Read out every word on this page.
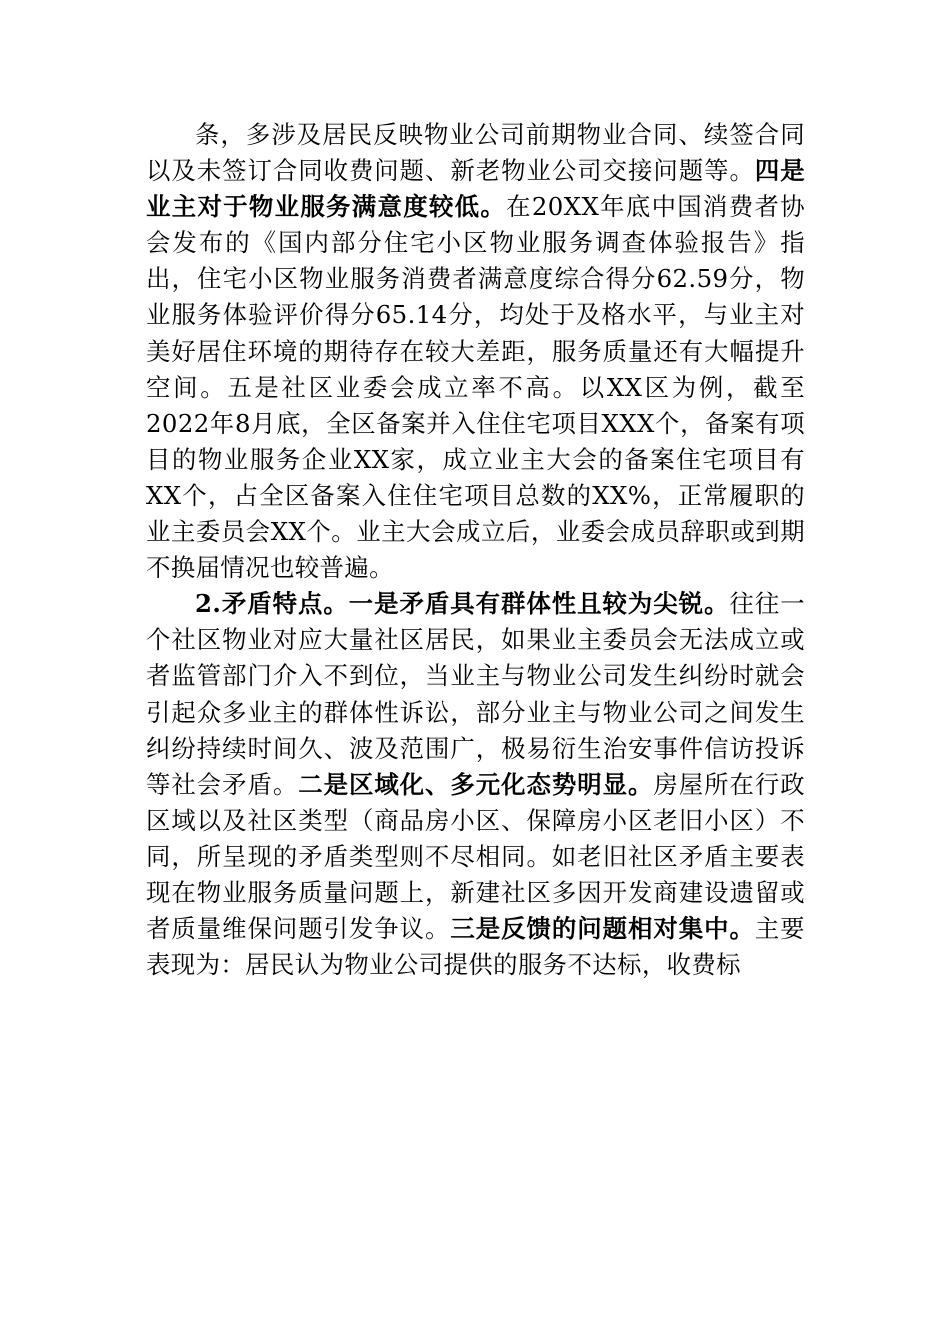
条，多涉及居民反映物业公司前期物业合同、续签合同以及未签订合同收费问题、新老物业公司交接问题等。四是业主对于物业服务满意度较低。在20XX年底中国消费者协会发布的《国内部分住宅小区物业服务调查体验报告》指出，住宅小区物业服务消费者满意度综合得分62.59分，物业服务体验评价得分65.14分，均处于及格水平，与业主对美好居住环境的期待存在较大差距，服务质量还有大幅提升空间。五是社区业委会成立率不高。以XX区为例，截至2022年8月底，全区备案并入住住宅项目XXX个，备案有项目的物业服务企业XX家，成立业主大会的备案住宅项目有XX个，占全区备案入住住宅项目总数的XX%，正常履职的业主委员会XX个。业主大会成立后，业委会成员辞职或到期不换届情况也较普遍。

2.矛盾特点。一是矛盾具有群体性且较为尖锐。往往一个社区物业对应大量社区居民，如果业主委员会无法成立或者监管部门介入不到位，当业主与物业公司发生纠纷时就会引起众多业主的群体性诉讼，部分业主与物业公司之间发生纠纷持续时间久、波及范围广，极易衍生治安事件信访投诉等社会矛盾。二是区域化、多元化态势明显。房屋所在行政区域以及社区类型（商品房小区、保障房小区老旧小区）不同，所呈现的矛盾类型则不尽相同。如老旧社区矛盾主要表现在物业服务质量问题上，新建社区多因开发商建设遗留或者质量维保问题引发争议。三是反馈的问题相对集中。主要表现为：居民认为物业公司提供的服务不达标，收费标
